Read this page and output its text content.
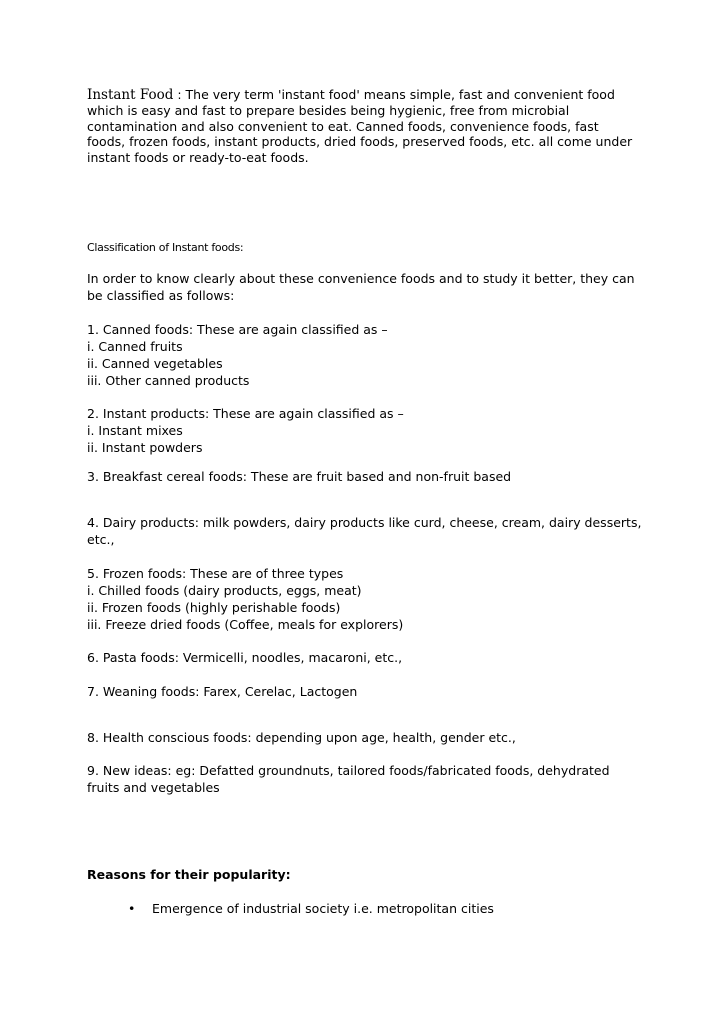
Instant Food : The very term 'instant food' means simple, fast and convenient food which is easy and fast to prepare besides being hygienic, free from microbial contamination and also convenient to eat. Canned foods, convenience foods, fast foods, frozen foods, instant products, dried foods, preserved foods, etc. all come under instant foods or ready-to-eat foods.
Classification of Instant foods:
In order to know clearly about these convenience foods and to study it better, they can
be classified as follows:
1. Canned foods: These are again classified as –
i. Canned fruits
ii. Canned vegetables
iii. Other canned products
2. Instant products: These are again classified as –
i. Instant mixes
ii. Instant powders
3. Breakfast cereal foods: These are fruit based and non-fruit based
4. Dairy products: milk powders, dairy products like curd, cheese, cream, dairy desserts,
etc.,
5. Frozen foods: These are of three types
i. Chilled foods (dairy products, eggs, meat)
ii. Frozen foods (highly perishable foods)
iii. Freeze dried foods (Coffee, meals for explorers)
6. Pasta foods: Vermicelli, noodles, macaroni, etc.,
7. Weaning foods: Farex, Cerelac, Lactogen
8. Health conscious foods: depending upon age, health, gender etc.,
9. New ideas: eg: Defatted groundnuts, tailored foods/fabricated foods, dehydrated
fruits and vegetables
Reasons for their popularity:
• Emergence of industrial society i.e. metropolitan cities
